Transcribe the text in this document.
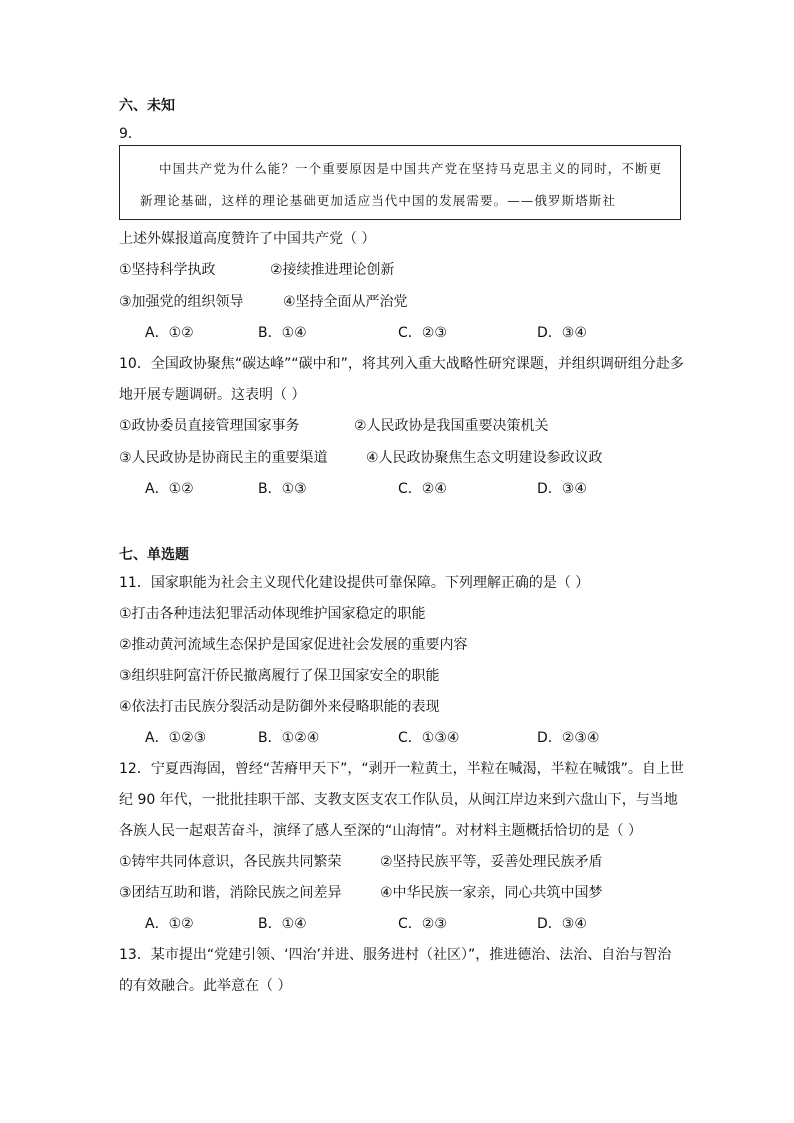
六、未知
9．
中国共产党为什么能？一个重要原因是中国共产党在坚持马克思主义的同时，不断更
新理论基础，这样的理论基础更加适应当代中国的发展需要。——俄罗斯塔斯社
上述外媒报道高度赞许了中国共产党（ ）
①坚持科学执政	②接续推进理论创新
③加强党的组织领导	④坚持全面从严治党
A．①②	B．①④	C．②③	D．③④
10．全国政协聚焦“碳达峰”“碳中和”，将其列入重大战略性研究课题，并组织调研组分赴多
地开展专题调研。这表明（ ）
①政协委员直接管理国家事务	②人民政协是我国重要决策机关
③人民政协是协商民主的重要渠道	④人民政协聚焦生态文明建设参政议政
A．①②	B．①③	C．②④	D．③④
七、单选题
11．国家职能为社会主义现代化建设提供可靠保障。下列理解正确的是（ ）
①打击各种违法犯罪活动体现维护国家稳定的职能
②推动黄河流域生态保护是国家促进社会发展的重要内容
③组织驻阿富汗侨民撤离履行了保卫国家安全的职能
④依法打击民族分裂活动是防御外来侵略职能的表现
A．①②③	B．①②④	C．①③④	D．②③④
12．宁夏西海固，曾经“苦瘠甲天下”，“剥开一粒黄土，半粒在喊渴，半粒在喊饿”。自上世
纪 90 年代，一批批挂职干部、支教支医支农工作队员，从闽江岸边来到六盘山下，与当地
各族人民一起艰苦奋斗，演绎了感人至深的“山海情”。对材料主题概括恰切的是（ ）
①铸牢共同体意识，各民族共同繁荣	②坚持民族平等，妥善处理民族矛盾
③团结互助和谐，消除民族之间差异	④中华民族一家亲，同心共筑中国梦
A．①②	B．①④	C．②③	D．③④
13．某市提出“党建引领、‘四治’并进、服务进村（社区）”，推进德治、法治、自治与智治
的有效融合。此举意在（ ）
